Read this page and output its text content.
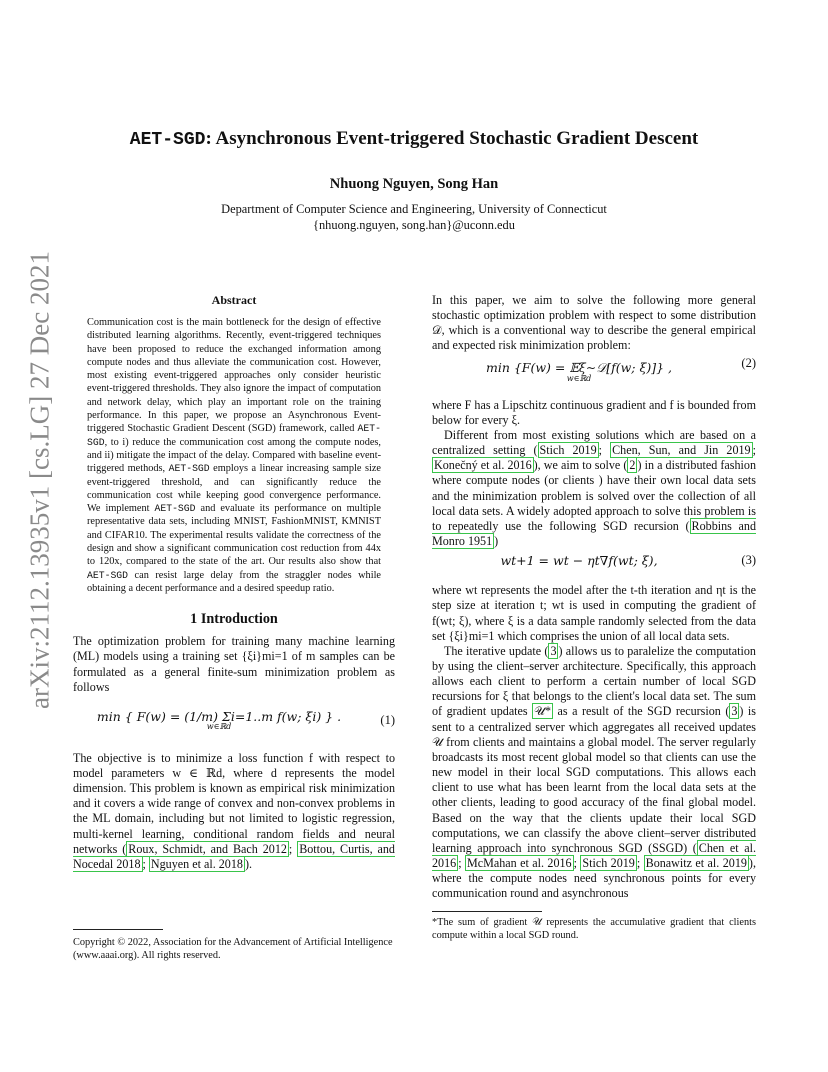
arXiv:2112.13935v1 [cs.LG] 27 Dec 2021
AET-SGD: Asynchronous Event-triggered Stochastic Gradient Descent
Nhuong Nguyen, Song Han
Department of Computer Science and Engineering, University of Connecticut
{nhuong.nguyen, song.han}@uconn.edu
Abstract

Communication cost is the main bottleneck for the design of effective distributed learning algorithms. Recently, event-triggered techniques have been proposed to reduce the exchanged information among compute nodes and thus alleviate the communication cost. However, most existing event-triggered approaches only consider heuristic event-triggered thresholds. They also ignore the impact of computation and network delay, which play an important role on the training performance. In this paper, we propose an Asynchronous Event-triggered Stochastic Gradient Descent (SGD) framework, called AET-SGD, to i) reduce the communication cost among the compute nodes, and ii) mitigate the impact of the delay. Compared with baseline event-triggered methods, AET-SGD employs a linear increasing sample size event-triggered threshold, and can significantly reduce the communication cost while keeping good convergence performance. We implement AET-SGD and evaluate its performance on multiple representative data sets, including MNIST, FashionMNIST, KMNIST and CIFAR10. The experimental results validate the correctness of the design and show a significant communication cost reduction from 44x to 120x, compared to the state of the art. Our results also show that AET-SGD can resist large delay from the straggler nodes while obtaining a decent performance and a desired speedup ratio.

1 Introduction

The optimization problem for training many machine learning (ML) models using a training set {ξi}mi=1 of m samples can be formulated as a general finite-sum minimization problem as follows

min { F(w) = (1/m) Σi=1..m f(w; ξi) } .
w∈ℝd	(1)

The objective is to minimize a loss function f with respect to model parameters w ∈ ℝd, where d represents the model dimension. This problem is known as empirical risk minimization and it covers a wide range of convex and non-convex problems in the ML domain, including but not limited to logistic regression, multi-kernel learning, conditional random fields and neural networks ( Roux, Schmidt, and Bach 2012 ; Bottou, Curtis, and Nocedal 2018 ; Nguyen et al. 2018 ).

Copyright © 2022, Association for the Advancement of Artificial Intelligence (www.aaai.org). All rights reserved.

In this paper, we aim to solve the following more general stochastic optimization problem with respect to some distribution 𝒟, which is a conventional way to describe the general empirical and expected risk minimization problem:

min {F(w) = 𝔼ξ∼𝒟[f(w; ξ)]} ,
w∈ℝd
(2)

where F has a Lipschitz continuous gradient and f is bounded from below for every ξ.

Different from most existing solutions which are based on a centralized setting ( Stich 2019 ; Chen, Sun, and Jin 2019 ; Konečný et al. 2016 ), we aim to solve ( 2 ) in a distributed fashion where compute nodes (or clients ) have their own local data sets and the minimization problem is solved over the collection of all local data sets. A widely adopted approach to solve this problem is to repeatedly use the following SGD recursion ( Robbins and Monro 1951 )

wt+1 = wt − ηt∇f(wt; ξ),	(3)

where wt represents the model after the t-th iteration and ηt is the step size at iteration t; wt is used in computing the gradient of f(wt; ξ), where ξ is a data sample randomly selected from the data set {ξi}mi=1 which comprises the union of all local data sets.

The iterative update ( 3 ) allows us to paralelize the computation by using the client–server architecture. Specifically, this approach allows each client to perform a certain number of local SGD recursions for ξ that belongs to the client's local data set. The sum of gradient updates 𝒰* as a result of the SGD recursion ( 3 ) is sent to a centralized server which aggregates all received updates 𝒰 from clients and maintains a global model. The server regularly broadcasts its most recent global model so that clients can use the new model in their local SGD computations. This allows each client to use what has been learnt from the local data sets at the other clients, leading to good accuracy of the final global model. Based on the way that the clients update their local SGD computations, we can classify the above client–server distributed learning approach into synchronous SGD (SSGD) ( Chen et al. 2016 ; McMahan et al. 2016 ; Stich 2019 ; Bonawitz et al. 2019 ), where the compute nodes need synchronous points for every communication round and asynchronous

*The sum of gradient 𝒰 represents the accumulative gradient that clients compute within a local SGD round.
